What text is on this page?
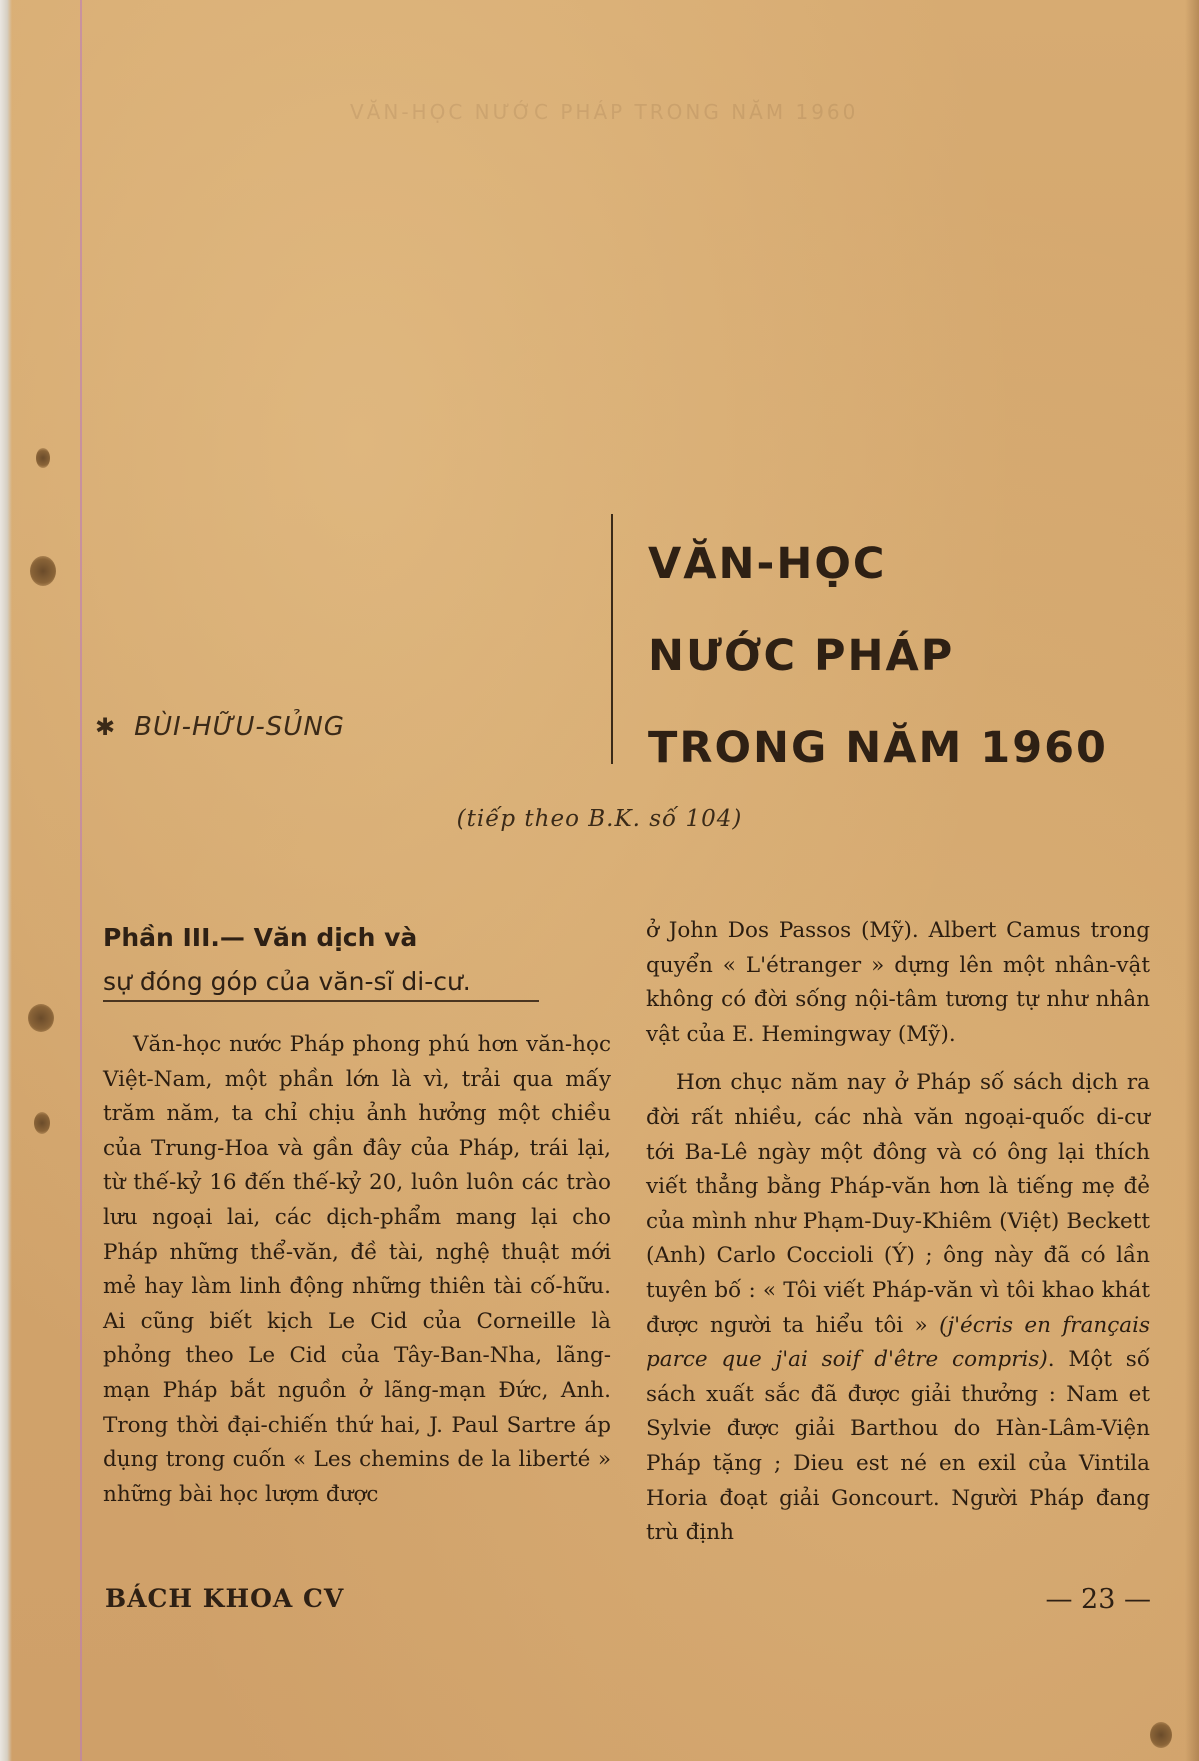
VĂN-HỌC NƯỚC PHÁP TRONG NĂM 1960
✱ BÙI-HỮU-SỦNG
VĂN-HỌC
NƯỚC PHÁP
TRONG NĂM 1960
(tiếp theo B.K. số 104)
Phần III.— Văn dịch và
sự đóng góp của văn-sĩ di-cư.

Văn-học nước Pháp phong phú hơn văn-học Việt-Nam, một phần lớn là vì, trải qua mấy trăm năm, ta chỉ chịu ảnh hưởng một chiều của Trung-Hoa và gần đây của Pháp, trái lại, từ thế-kỷ 16 đến thế-kỷ 20, luôn luôn các trào lưu ngoại lai, các dịch-phẩm mang lại cho Pháp những thể-văn, đề tài, nghệ thuật mới mẻ hay làm linh động những thiên tài cố-hữu. Ai cũng biết kịch Le Cid của Corneille là phỏng theo Le Cid của Tây-Ban-Nha, lãng-mạn Pháp bắt nguồn ở lãng-mạn Đức, Anh. Trong thời đại-chiến thứ hai, J. Paul Sartre áp dụng trong cuốn « Les chemins de la liberté » những bài học lượm được

ở John Dos Passos (Mỹ). Albert Camus trong quyển « L'étranger » dựng lên một nhân-vật không có đời sống nội-tâm tương tự như nhân vật của E. Hemingway (Mỹ).

Hơn chục năm nay ở Pháp số sách dịch ra đời rất nhiều, các nhà văn ngoại-quốc di-cư tới Ba-Lê ngày một đông và có ông lại thích viết thẳng bằng Pháp-văn hơn là tiếng mẹ đẻ của mình như Phạm-Duy-Khiêm (Việt) Beckett (Anh) Carlo Coccioli (Ý) ; ông này đã có lần tuyên bố : « Tôi viết Pháp-văn vì tôi khao khát được người ta hiểu tôi » (j'écris en français parce que j'ai soif d'être compris). Một số sách xuất sắc đã được giải thưởng : Nam et Sylvie được giải Barthou do Hàn-Lâm-Viện Pháp tặng ; Dieu est né en exil của Vintila Horia đoạt giải Goncourt. Người Pháp đang trù định

BÁCH KHOA CV	— 23 —
